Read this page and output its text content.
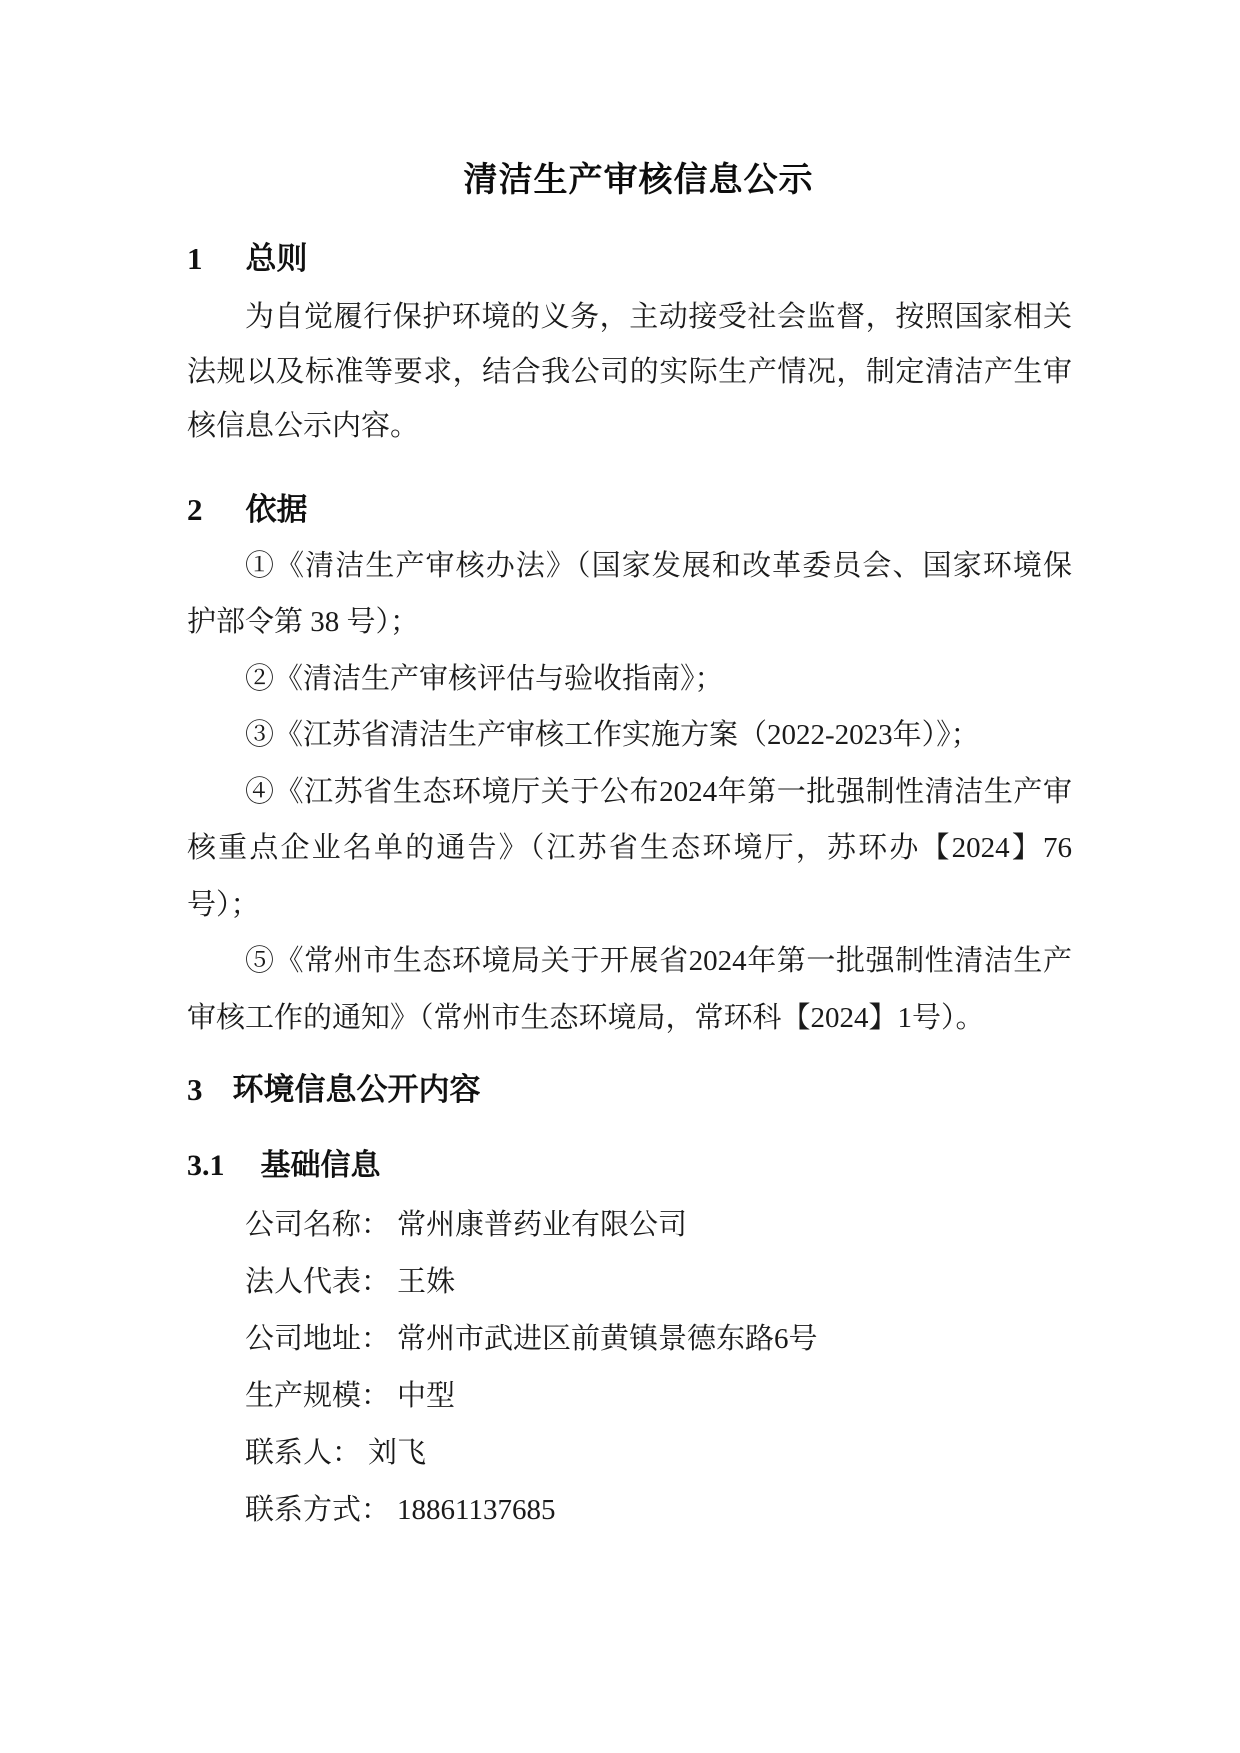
清洁生产审核信息公示
1 总则
为自觉履行保护环境的义务，主动接受社会监督，按照国家相关
法规以及标准等要求，结合我公司的实际生产情况，制定清洁产生审
核信息公示内容。
2 依据
①《清洁生产审核办法》（国家发展和改革委员会、国家环境保
护部令第 38 号）；
②《清洁生产审核评估与验收指南》；
③《江苏省清洁生产审核工作实施方案（2022-2023年）》；
④《江苏省生态环境厅关于公布2024年第一批强制性清洁生产审
核重点企业名单的通告》（江苏省生态环境厅，苏环办【2024】76
号）；
⑤《常州市生态环境局关于开展省2024年第一批强制性清洁生产
审核工作的通知》（常州市生态环境局，常环科【2024】1号）。
3 环境信息公开内容
3.1 基础信息
公司名称： 常州康普药业有限公司
法人代表： 王姝
公司地址： 常州市武进区前黄镇景德东路6号
生产规模： 中型
联系人： 刘飞
联系方式： 18861137685
